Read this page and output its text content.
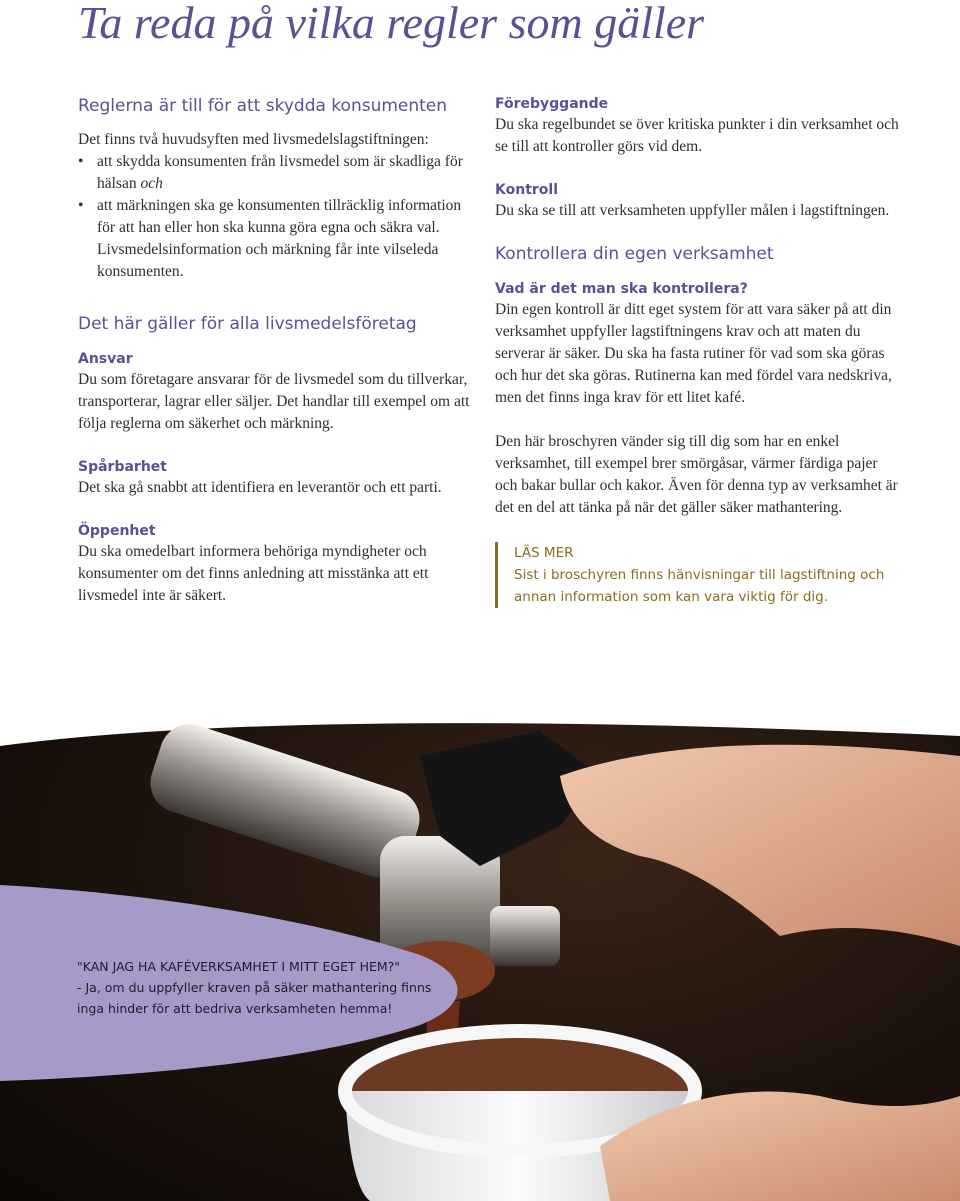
Ta reda på vilka regler som gäller
Reglerna är till för att skydda konsumenten

Det finns två huvudsyften med livsmedelslagstiftningen:

• att skydda konsumenten från livsmedel som är skadliga för hälsan och
• att märkningen ska ge konsumenten tillräcklig information för att han eller hon ska kunna göra egna och säkra val. Livsmedelsinformation och märkning får inte vilseleda konsumenten.
Det här gäller för alla livsmedelsföretag
Ansvar

Du som företagare ansvarar för de livsmedel som du tillverkar, transporterar, lagrar eller säljer. Det handlar till exempel om att följa reglerna om säkerhet och märkning.

Spårbarhet

Det ska gå snabbt att identifiera en leverantör och ett parti.

Öppenhet

Du ska omedelbart informera behöriga myndigheter och konsumenter om det finns anledning att misstänka att ett livsmedel inte är säkert.

Förebyggande

Du ska regelbundet se över kritiska punkter i din verksamhet och se till att kontroller görs vid dem.

Kontroll

Du ska se till att verksamheten uppfyller målen i lagstiftningen.

Kontrollera din egen verksamhet
Vad är det man ska kontrollera?

Din egen kontroll är ditt eget system för att vara säker på att din verksamhet uppfyller lagstiftningens krav och att maten du serverar är säker. Du ska ha fasta rutiner för vad som ska göras och hur det ska göras. Rutinerna kan med fördel vara nedskriva, men det finns inga krav för ett litet kafé.

Den här broschyren vänder sig till dig som har en enkel verksamhet, till exempel brer smörgåsar, värmer färdiga pajer och bakar bullar och kakor. Även för denna typ av verksamhet är det en del att tänka på när det gäller säker mathantering.

LÄS MER
Sist i broschyren finns hänvisningar till lagstiftning och annan information som kan vara viktig för dig.
"KAN JAG HA KAFÉVERKSAMHET I MITT EGET HEM?"
- Ja, om du uppfyller kraven på säker mathantering finns inga hinder för att bedriva verksamheten hemma!
